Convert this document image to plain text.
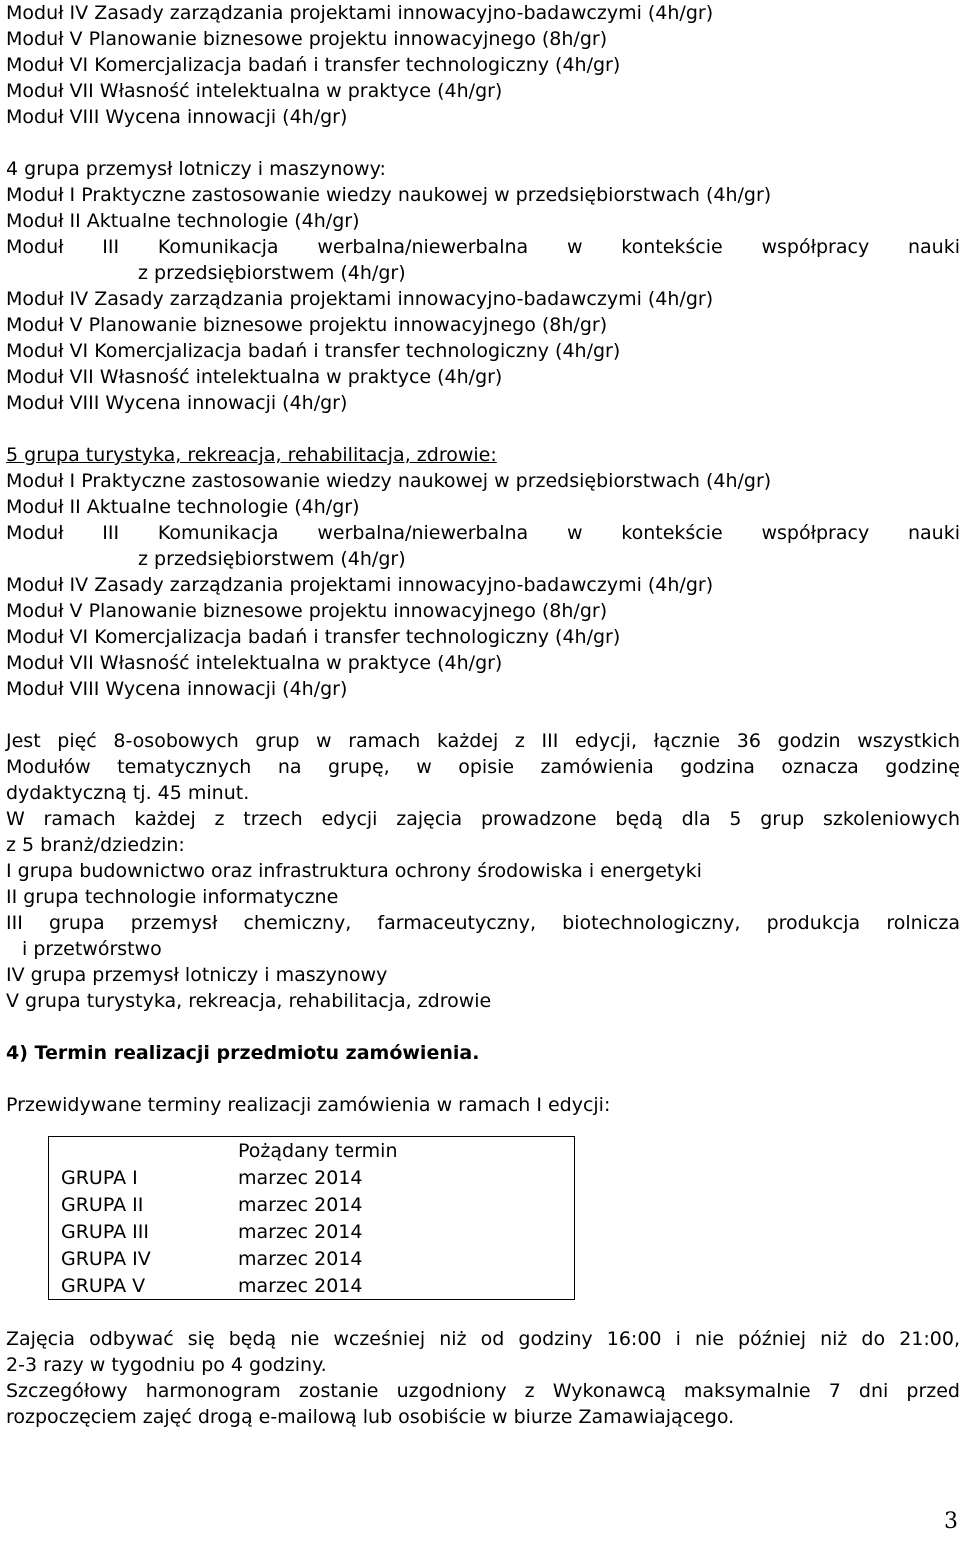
Moduł IV Zasady zarządzania projektami innowacyjno-badawczymi (4h/gr)
Moduł V Planowanie biznesowe projektu innowacyjnego (8h/gr)
Moduł VI Komercjalizacja badań i transfer technologiczny (4h/gr)
Moduł VII Własność intelektualna w praktyce (4h/gr)
Moduł VIII Wycena innowacji (4h/gr)
4 grupa przemysł lotniczy i maszynowy:
Moduł I Praktyczne zastosowanie wiedzy naukowej w przedsiębiorstwach (4h/gr)
Moduł II Aktualne technologie (4h/gr)
Moduł III Komunikacja werbalna/niewerbalna w kontekście współpracy nauki
z przedsiębiorstwem (4h/gr)
Moduł IV Zasady zarządzania projektami innowacyjno-badawczymi (4h/gr)
Moduł V Planowanie biznesowe projektu innowacyjnego (8h/gr)
Moduł VI Komercjalizacja badań i transfer technologiczny (4h/gr)
Moduł VII Własność intelektualna w praktyce (4h/gr)
Moduł VIII Wycena innowacji (4h/gr)
5 grupa turystyka, rekreacja, rehabilitacja, zdrowie:
Moduł I Praktyczne zastosowanie wiedzy naukowej w przedsiębiorstwach (4h/gr)
Moduł II Aktualne technologie (4h/gr)
Moduł III Komunikacja werbalna/niewerbalna w kontekście współpracy nauki
z przedsiębiorstwem (4h/gr)
Moduł IV Zasady zarządzania projektami innowacyjno-badawczymi (4h/gr)
Moduł V Planowanie biznesowe projektu innowacyjnego (8h/gr)
Moduł VI Komercjalizacja badań i transfer technologiczny (4h/gr)
Moduł VII Własność intelektualna w praktyce (4h/gr)
Moduł VIII Wycena innowacji (4h/gr)
Jest pięć 8-osobowych grup w ramach każdej z III edycji, łącznie 36 godzin wszystkich
Modułów tematycznych na grupę, w opisie zamówienia godzina oznacza godzinę
dydaktyczną tj. 45 minut.
W ramach każdej z trzech edycji zajęcia prowadzone będą dla 5 grup szkoleniowych
z 5 branż/dziedzin:
I grupa budownictwo oraz infrastruktura ochrony środowiska i energetyki
II grupa technologie informatyczne
III grupa przemysł chemiczny, farmaceutyczny, biotechnologiczny, produkcja rolnicza
i przetwórstwo
IV grupa przemysł lotniczy i maszynowy
V grupa turystyka, rekreacja, rehabilitacja, zdrowie
4) Termin realizacji przedmiotu zamówienia.
Przewidywane terminy realizacji zamówienia w ramach I edycji:
	Pożądany termin
GRUPA I	marzec 2014
GRUPA II	marzec 2014
GRUPA III	marzec 2014
GRUPA IV	marzec 2014
GRUPA V	marzec 2014
Zajęcia odbywać się będą nie wcześniej niż od godziny 16:00 i nie później niż do 21:00,
2-3 razy w tygodniu po 4 godziny.
Szczegółowy harmonogram zostanie uzgodniony z Wykonawcą maksymalnie 7 dni przed
rozpoczęciem zajęć drogą e-mailową lub osobiście w biurze Zamawiającego.
3
